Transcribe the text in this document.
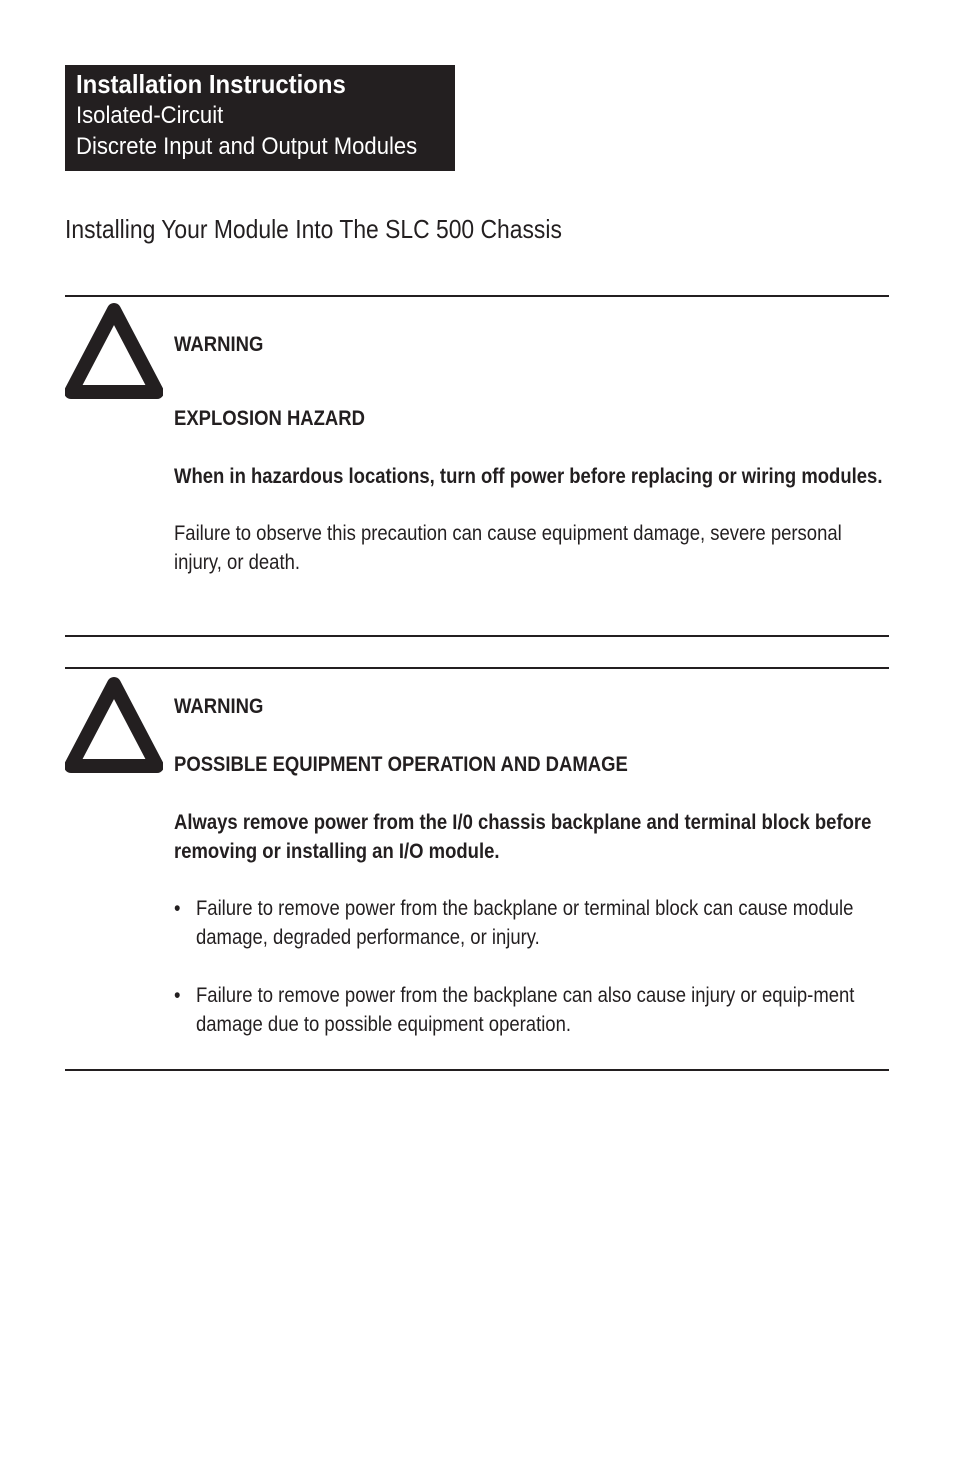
Installation Instructions
Isolated-Circuit
Discrete Input and Output Modules
Installing Your Module Into The SLC 500 Chassis
WARNING
EXPLOSION HAZARD
When in hazardous locations, turn off power before replacing or wiring modules.
Failure to observe this precaution can cause equipment damage, severe personal injury, or death.
WARNING
POSSIBLE EQUIPMENT OPERATION AND DAMAGE
Always remove power from the I/0 chassis backplane and terminal block before removing or installing an I/O module.
• Failure to remove power from the backplane or terminal block can cause module damage, degraded performance, or injury.
• Failure to remove power from the backplane can also cause injury or equip-ment damage due to possible equipment operation.
